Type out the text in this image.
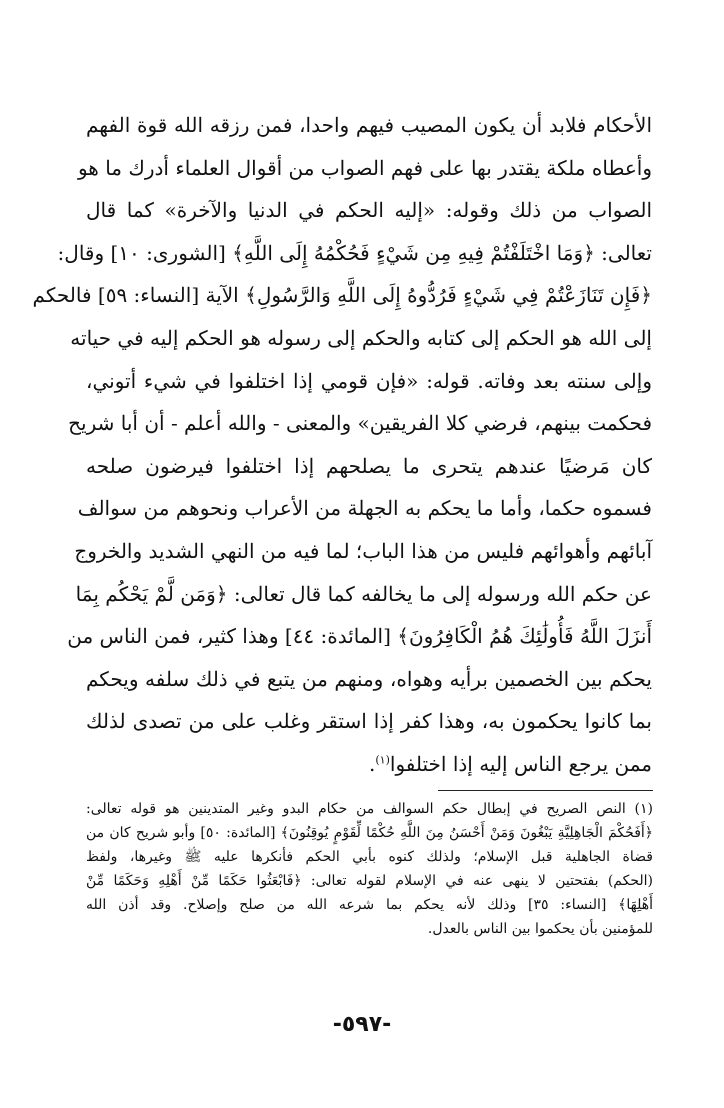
الأحكام فلابد أن يكون المصيب فيهم واحدا، فمن رزقه الله قوة الفهم
وأعطاه ملكة يقتدر بها على فهم الصواب من أقوال العلماء أدرك ما هو
الصواب من ذلك وقوله: «إليه الحكم في الدنيا والآخرة» كما قال
تعالى: ﴿وَمَا اخْتَلَفْتُمْ فِيهِ مِن شَيْءٍ فَحُكْمُهُ إِلَى اللَّهِ﴾ [الشورى: ١٠] وقال:
﴿فَإِن تَنَازَعْتُمْ فِي شَيْءٍ فَرُدُّوهُ إِلَى اللَّهِ وَالرَّسُولِ﴾ الآية [النساء: ٥٩] فالحكم
إلى الله هو الحكم إلى كتابه والحكم إلى رسوله هو الحكم إليه في حياته
وإلى سنته بعد وفاته. قوله: «فإن قومي إذا اختلفوا في شيء أتوني،
فحكمت بينهم، فرضي كلا الفريقين» والمعنى - والله أعلم - أن أبا شريح
كان مَرضيًا عندهم يتحرى ما يصلحهم إذا اختلفوا فيرضون صلحه
فسموه حكما، وأما ما يحكم به الجهلة من الأعراب ونحوهم من سوالف
آبائهم وأهوائهم فليس من هذا الباب؛ لما فيه من النهي الشديد والخروج
عن حكم الله ورسوله إلى ما يخالفه كما قال تعالى: ﴿وَمَن لَّمْ يَحْكُم بِمَا
أَنزَلَ اللَّهُ فَأُولَٰئِكَ هُمُ الْكَافِرُونَ﴾ [المائدة: ٤٤] وهذا كثير، فمن الناس من
يحكم بين الخصمين برأيه وهواه، ومنهم من يتبع في ذلك سلفه ويحكم
بما كانوا يحكمون به، وهذا كفر إذا استقر وغلب على من تصدى لذلك
ممن يرجع الناس إليه إذا اختلفوا$^{(١)}$.
(١) النص الصريح في إبطال حكم السوالف من حكام البدو وغير المتدينين هو قوله تعالى:
﴿أَفَحُكْمَ الْجَاهِلِيَّةِ يَبْغُونَ وَمَنْ أَحْسَنُ مِنَ اللَّهِ حُكْمًا لِّقَوْمٍ يُوقِنُونَ﴾ [المائدة: ٥٠] وأبو شريح كان من
قضاة الجاهلية قبل الإسلام؛ ولذلك كنوه بأبي الحكم فأنكرها عليه ﷺ وغيرها، ولفظ
(الحكم) بفتحتين لا ينهى عنه في الإسلام لقوله تعالى: ﴿فَابْعَثُوا حَكَمًا مِّنْ أَهْلِهِ وَحَكَمًا مِّنْ
أَهْلِهَا﴾ [النساء: ٣٥] وذلك لأنه يحكم بما شرعه الله من صلح وإصلاح. وقد أذن الله
للمؤمنين بأن يحكموا بين الناس بالعدل.
-٥٩٧-
